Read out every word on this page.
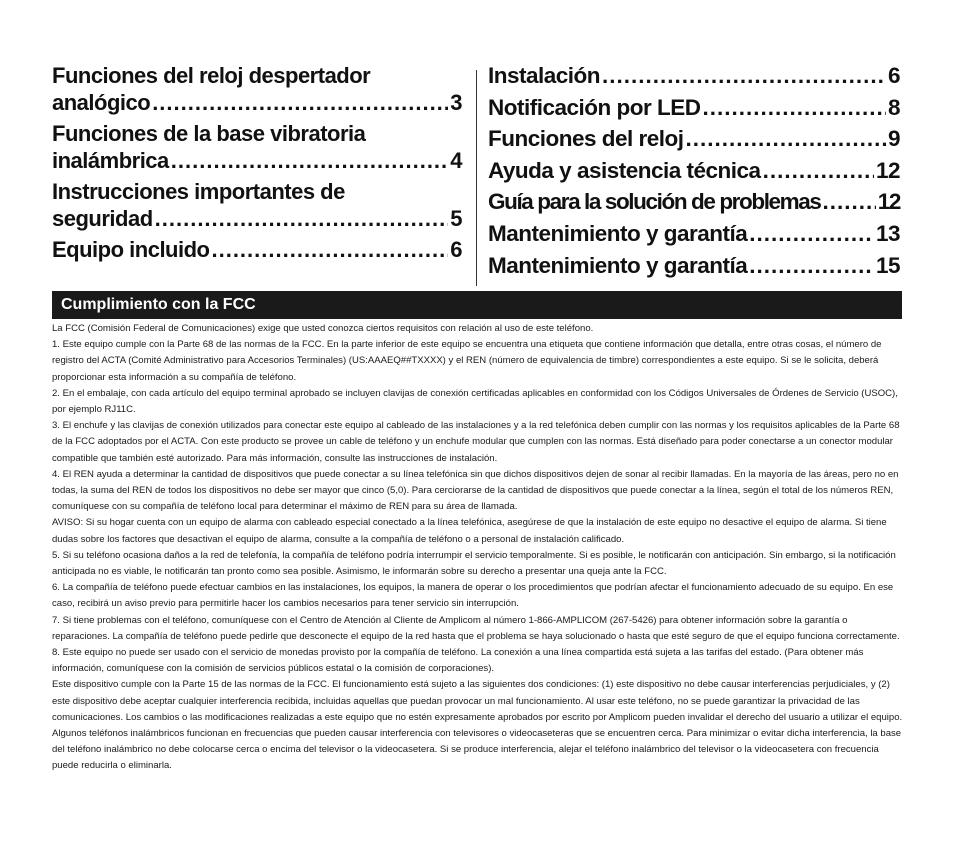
Funciones del reloj despertador
analógico .....	3
Funciones de la base vibratoria
inalámbrica .....	4
Instrucciones importantes de
seguridad .....	5
Equipo incluido .....	6
Instalación .....	6
Notificación por LED .....	8
Funciones del reloj .....	9
Ayuda y asistencia técnica .....	12
Guía para la solución de problemas .....	12
Mantenimiento y garantía .....	13
Mantenimiento y garantía .....	15
Cumplimiento con la FCC

La FCC (Comisión Federal de Comunicaciones) exige que usted conozca ciertos requisitos con relación al uso de este teléfono.

1. Este equipo cumple con la Parte 68 de las normas de la FCC. En la parte inferior de este equipo se encuentra una etiqueta que contiene información que detalla, entre otras cosas, el número de registro del ACTA (Comité Administrativo para Accesorios Terminales) (US:AAAEQ##TXXXX) y el REN (número de equivalencia de timbre) correspondientes a este equipo. Si se le solicita, deberá proporcionar esta información a su compañía de teléfono.

2. En el embalaje, con cada artículo del equipo terminal aprobado se incluyen clavijas de conexión certificadas aplicables en conformidad con los Códigos Universales de Órdenes de Servicio (USOC), por ejemplo RJ11C.

3. El enchufe y las clavijas de conexión utilizados para conectar este equipo al cableado de las instalaciones y a la red telefónica deben cumplir con las normas y los requisitos aplicables de la Parte 68 de la FCC adoptados por el ACTA. Con este producto se provee un cable de teléfono y un enchufe modular que cumplen con las normas. Está diseñado para poder conectarse a un conector modular compatible que también esté autorizado. Para más información, consulte las instrucciones de instalación.

4. El REN ayuda a determinar la cantidad de dispositivos que puede conectar a su línea telefónica sin que dichos dispositivos dejen de sonar al recibir llamadas. En la mayoría de las áreas, pero no en todas, la suma del REN de todos los dispositivos no debe ser mayor que cinco (5,0). Para cerciorarse de la cantidad de dispositivos que puede conectar a la línea, según el total de los números REN, comuníquese con su compañía de teléfono local para determinar el máximo de REN para su área de llamada.

AVISO: Si su hogar cuenta con un equipo de alarma con cableado especial conectado a la línea telefónica, asegúrese de que la instalación de este equipo no desactive el equipo de alarma. Si tiene dudas sobre los factores que desactivan el equipo de alarma, consulte a la compañía de teléfono o a personal de instalación calificado.

5. Si su teléfono ocasiona daños a la red de telefonía, la compañía de teléfono podría interrumpir el servicio temporalmente. Si es posible, le notificarán con anticipación. Sin embargo, si la notificación anticipada no es viable, le notificarán tan pronto como sea posible. Asimismo, le informarán sobre su derecho a presentar una queja ante la FCC.

6. La compañía de teléfono puede efectuar cambios en las instalaciones, los equipos, la manera de operar o los procedimientos que podrían afectar el funcionamiento adecuado de su equipo. En ese caso, recibirá un aviso previo para permitirle hacer los cambios necesarios para tener servicio sin interrupción.

7. Si tiene problemas con el teléfono, comuníquese con el Centro de Atención al Cliente de Amplicom al número 1-866-AMPLICOM (267-5426) para obtener información sobre la garantía o reparaciones. La compañía de teléfono puede pedirle que desconecte el equipo de la red hasta que el problema se haya solucionado o hasta que esté seguro de que el equipo funciona correctamente.

8. Este equipo no puede ser usado con el servicio de monedas provisto por la compañía de teléfono. La conexión a una línea compartida está sujeta a las tarifas del estado. (Para obtener más información, comuníquese con la comisión de servicios públicos estatal o la comisión de corporaciones).

Este dispositivo cumple con la Parte 15 de las normas de la FCC. El funcionamiento está sujeto a las siguientes dos condiciones: (1) este dispositivo no debe causar interferencias perjudiciales, y (2) este dispositivo debe aceptar cualquier interferencia recibida, incluidas aquellas que puedan provocar un mal funcionamiento. Al usar este teléfono, no se puede garantizar la privacidad de las comunicaciones. Los cambios o las modificaciones realizadas a este equipo que no estén expresamente aprobados por escrito por Amplicom pueden invalidar el derecho del usuario a utilizar el equipo.

Algunos teléfonos inalámbricos funcionan en frecuencias que pueden causar interferencia con televisores o videocaseteras que se encuentren cerca. Para minimizar o evitar dicha interferencia, la base del teléfono inalámbrico no debe colocarse cerca o encima del televisor o la videocasetera. Si se produce interferencia, alejar el teléfono inalámbrico del televisor o la videocasetera con frecuencia puede reducirla o eliminarla.
